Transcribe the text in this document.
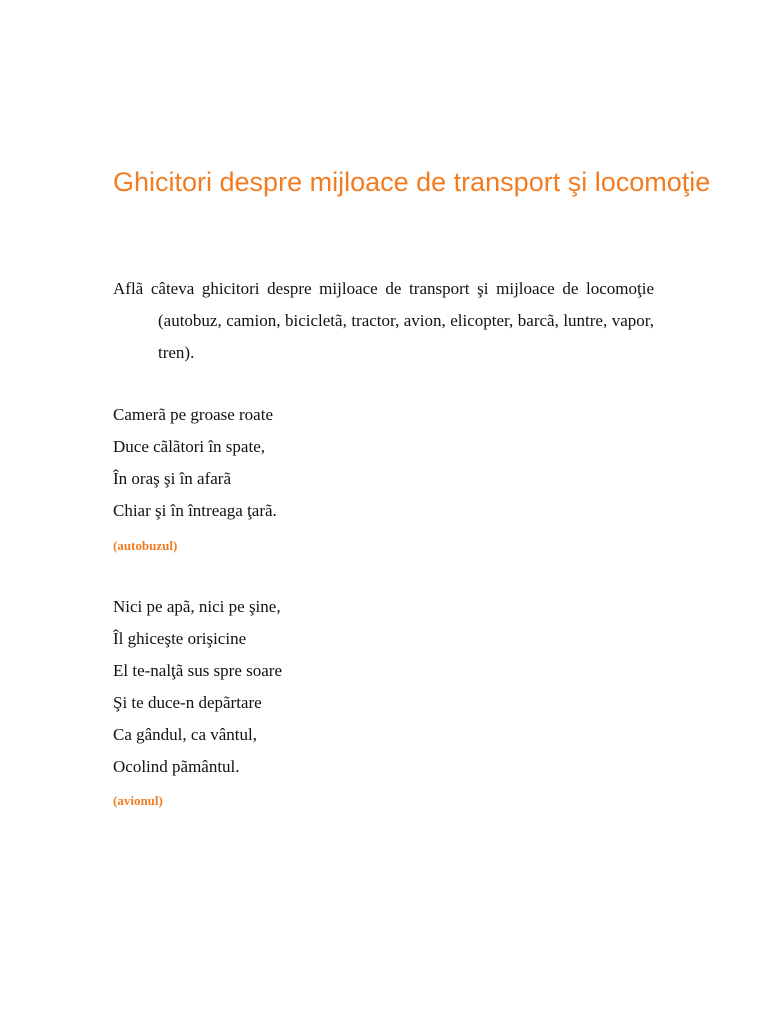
Ghicitori despre mijloace de transport şi locomoţie

Aflã câteva ghicitori despre mijloace de transport şi mijloace de locomoţie (autobuz, camion, bicicletã, tractor, avion, elicopter, barcã, luntre, vapor, tren).

Camerã pe groase roate
Duce cãlãtori în spate,
În oraş şi în afarã
Chiar şi în întreaga ţarã.
(autobuzul)
Nici pe apã, nici pe şine,
Îl ghiceşte orişicine
El te-nalţã sus spre soare
Şi te duce-n depãrtare
Ca gândul, ca vântul,
Ocolind pãmântul.
(avionul)
